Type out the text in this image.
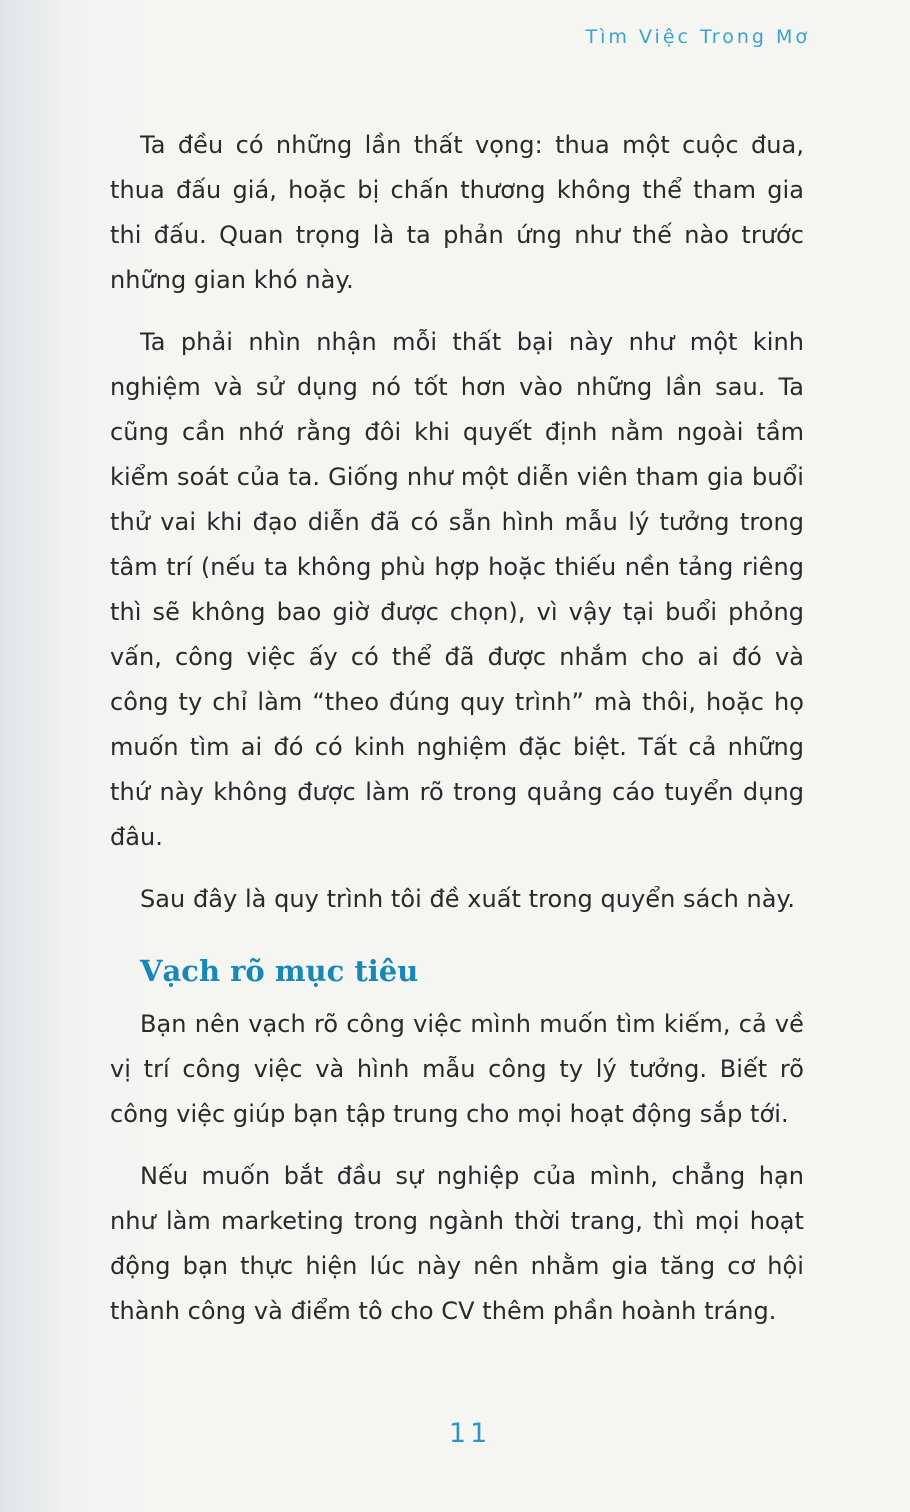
Tìm Việc Trong Mơ

Ta đều có những lần thất vọng: thua một cuộc đua, thua đấu giá, hoặc bị chấn thương không thể tham gia thi đấu. Quan trọng là ta phản ứng như thế nào trước những gian khó này.

Ta phải nhìn nhận mỗi thất bại này như một kinh nghiệm và sử dụng nó tốt hơn vào những lần sau. Ta cũng cần nhớ rằng đôi khi quyết định nằm ngoài tầm kiểm soát của ta. Giống như một diễn viên tham gia buổi thử vai khi đạo diễn đã có sẵn hình mẫu lý tưởng trong tâm trí (nếu ta không phù hợp hoặc thiếu nền tảng riêng thì sẽ không bao giờ được chọn), vì vậy tại buổi phỏng vấn, công việc ấy có thể đã được nhắm cho ai đó và công ty chỉ làm “theo đúng quy trình” mà thôi, hoặc họ muốn tìm ai đó có kinh nghiệm đặc biệt. Tất cả những thứ này không được làm rõ trong quảng cáo tuyển dụng đâu.

Sau đây là quy trình tôi đề xuất trong quyển sách này.

Vạch rõ mục tiêu

Bạn nên vạch rõ công việc mình muốn tìm kiếm, cả về vị trí công việc và hình mẫu công ty lý tưởng. Biết rõ công việc giúp bạn tập trung cho mọi hoạt động sắp tới.

Nếu muốn bắt đầu sự nghiệp của mình, chẳng hạn như làm marketing trong ngành thời trang, thì mọi hoạt động bạn thực hiện lúc này nên nhằm gia tăng cơ hội thành công và điểm tô cho CV thêm phần hoành tráng.

11
